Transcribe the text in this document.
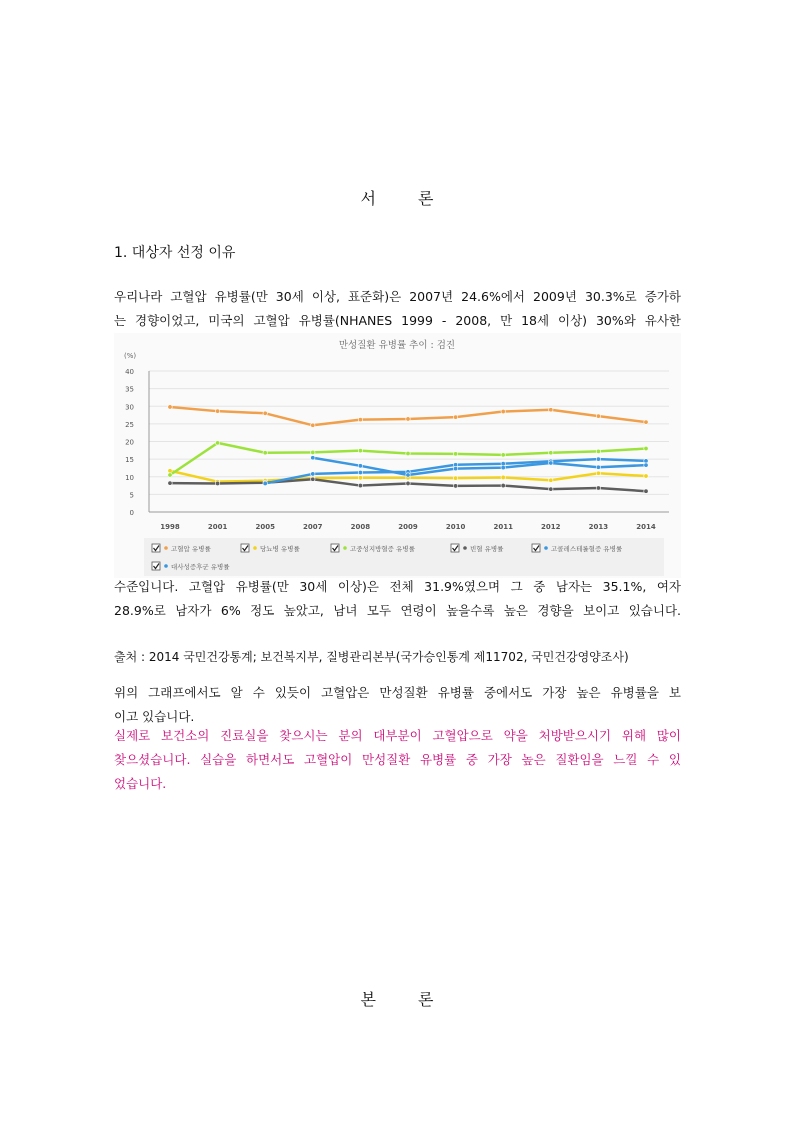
서	론
1. 대상자 선정 이유
우리나라 고혈압 유병률(만 30세 이상, 표준화)은 2007년 24.6%에서 2009년 30.3%로 증가하
는 경향이었고, 미국의 고혈압 유병률(NHANES 1999 - 2008, 만 18세 이상) 30%와 유사한
만성질환 유병률 추이 : 검진
(%)
0
5
10
15
20
25
30
35
40
1998	2001	2005	2007	2008	2009	2010	2011	2012	2013	2014
고혈압 유병률	당뇨병 유병률	고중성지방혈증 유병률	빈혈 유병률	고콜레스테롤혈증 유병률
대사성증후군 유병률
수준입니다. 고혈압 유병률(만 30세 이상)은 전체 31.9%였으며 그 중 남자는 35.1%, 여자
28.9%로 남자가 6% 정도 높았고, 남녀 모두 연령이 높을수록 높은 경향을 보이고 있습니다.
출처 : 2014 국민건강통계; 보건복지부, 질병관리본부(국가승인통계 제11702, 국민건강영양조사)
위의 그래프에서도 알 수 있듯이 고혈압은 만성질환 유병률 중에서도 가장 높은 유병률을 보
이고 있습니다.
실제로 보건소의 진료실을 찾으시는 분의 대부분이 고혈압으로 약을 처방받으시기 위해 많이
찾으셨습니다. 실습을 하면서도 고혈압이 만성질환 유병률 중 가장 높은 질환임을 느낄 수 있
었습니다.
본	론
